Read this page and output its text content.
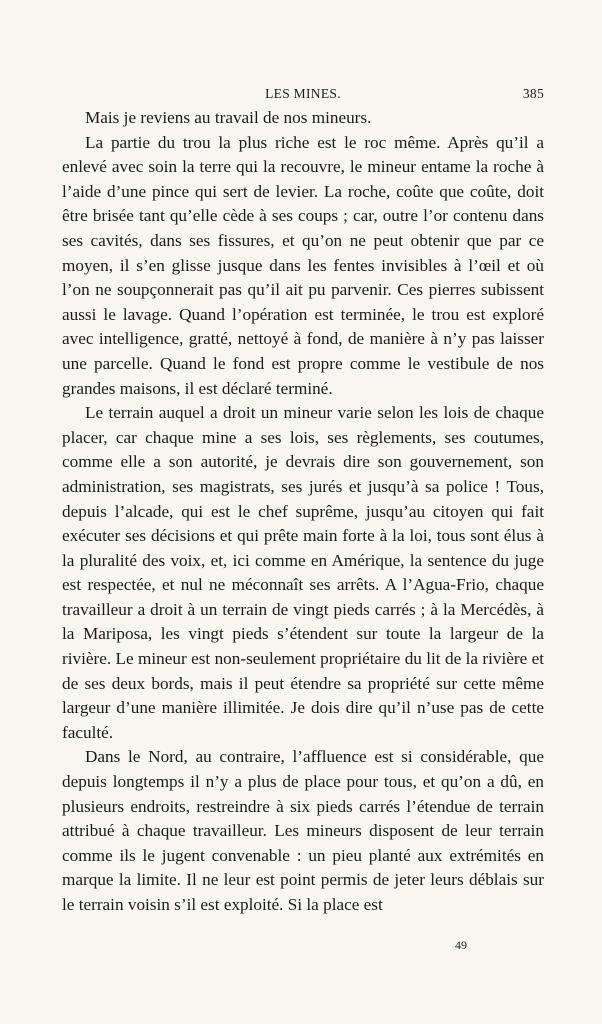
LES MINES.	385

Mais je reviens au travail de nos mineurs.

La partie du trou la plus riche est le roc même. Après qu’il a enlevé avec soin la terre qui la recouvre, le mineur entame la roche à l’aide d’une pince qui sert de levier. La roche, coûte que coûte, doit être brisée tant qu’elle cède à ses coups ; car, outre l’or contenu dans ses cavités, dans ses fissures, et qu’on ne peut obtenir que par ce moyen, il s’en glisse jusque dans les fentes invisibles à l’œil et où l’on ne soupçonnerait pas qu’il ait pu parvenir. Ces pierres subissent aussi le lavage. Quand l’opération est terminée, le trou est exploré avec intelligence, gratté, nettoyé à fond, de manière à n’y pas laisser une parcelle. Quand le fond est propre comme le vestibule de nos grandes maisons, il est déclaré terminé.

Le terrain auquel a droit un mineur varie selon les lois de chaque placer, car chaque mine a ses lois, ses règlements, ses coutumes, comme elle a son autorité, je devrais dire son gouvernement, son administration, ses magistrats, ses jurés et jusqu’à sa police ! Tous, depuis l’alcade, qui est le chef suprême, jusqu’au citoyen qui fait exécuter ses décisions et qui prête main forte à la loi, tous sont élus à la pluralité des voix, et, ici comme en Amérique, la sentence du juge est respectée, et nul ne méconnaît ses arrêts. A l’Agua-Frio, chaque travailleur a droit à un terrain de vingt pieds carrés ; à la Mercédès, à la Mariposa, les vingt pieds s’étendent sur toute la largeur de la rivière. Le mineur est non-seulement propriétaire du lit de la rivière et de ses deux bords, mais il peut étendre sa propriété sur cette même largeur d’une manière illimitée. Je dois dire qu’il n’use pas de cette faculté.

Dans le Nord, au contraire, l’affluence est si considérable, que depuis longtemps il n’y a plus de place pour tous, et qu’on a dû, en plusieurs endroits, restreindre à six pieds carrés l’étendue de terrain attribué à chaque travailleur. Les mineurs disposent de leur terrain comme ils le jugent convenable : un pieu planté aux extrémités en marque la limite. Il ne leur est point permis de jeter leurs déblais sur le terrain voisin s’il est exploité. Si la place est

49
